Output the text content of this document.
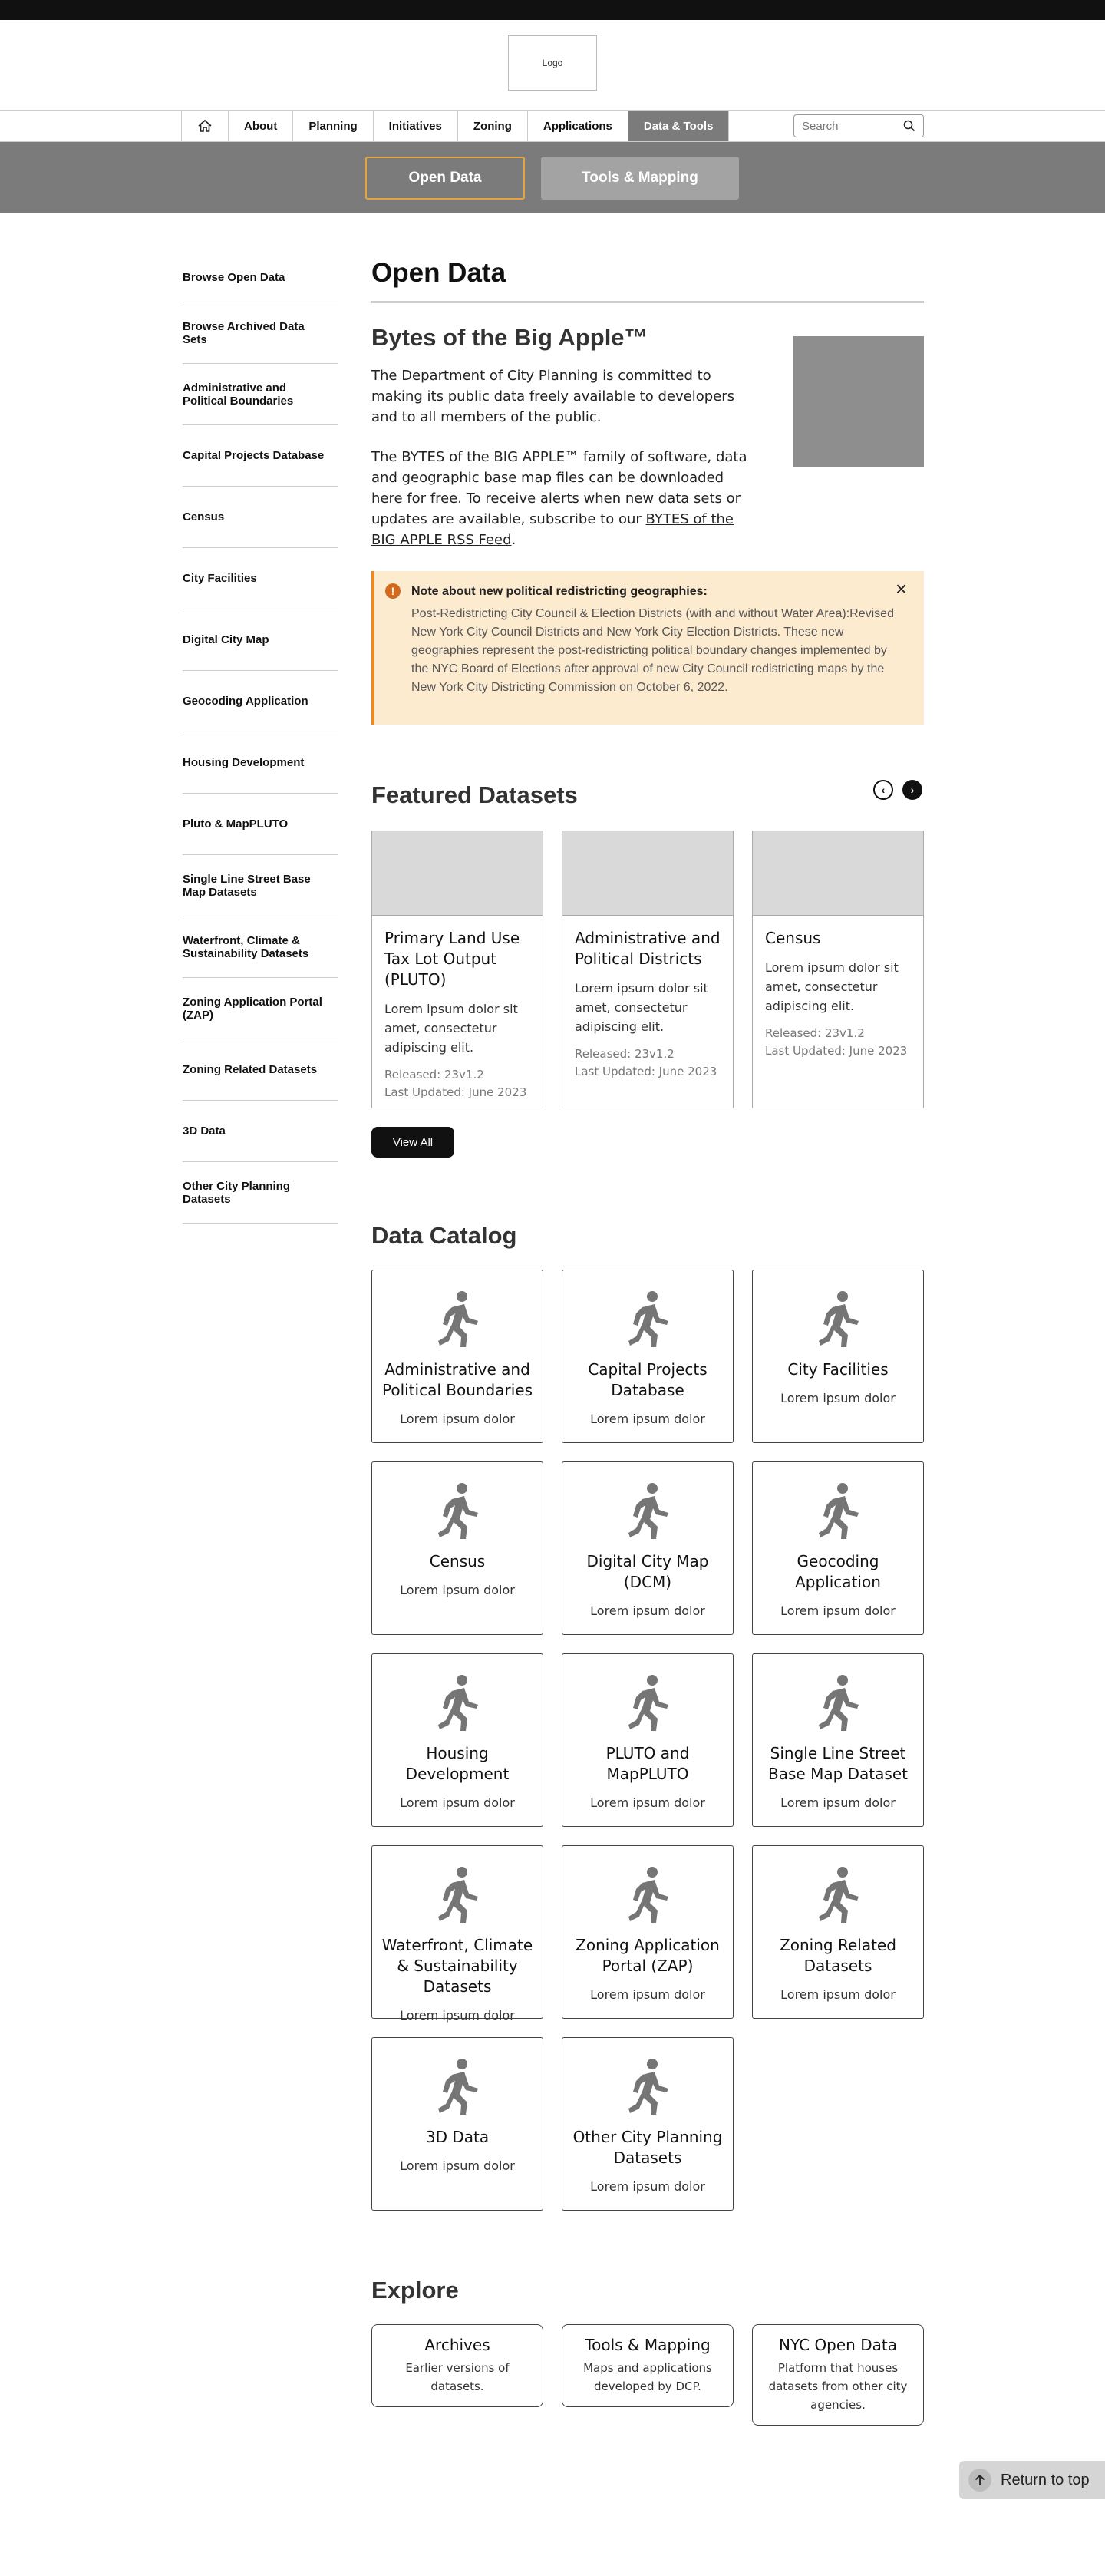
Logo
About	Planning	Initiatives	Zoning	Applications	Data & Tools
Search
Open Data	Tools & Mapping
Browse Open Data
Browse Archived Data Sets
Administrative and Political Boundaries
Capital Projects Database
Census
City Facilities
Digital City Map
Geocoding Application
Housing Development
Pluto & MapPLUTO
Single Line Street Base Map Datasets
Waterfront, Climate & Sustainability Datasets
Zoning Application Portal (ZAP)
Zoning Related Datasets
3D Data
Other City Planning Datasets
Open Data
Bytes of the Big Apple™

The Department of City Planning is committed to making its public data freely available to developers and to all members of the public.

The BYTES of the BIG APPLE™ family of software, data and geographic base map files can be downloaded here for free. To receive alerts when new data sets or updates are available, subscribe to our BYTES of the BIG APPLE RSS Feed.

!	Note about new political redistricting geographies:
Post-Redistricting City Council & Election Districts (with and without Water Area):Revised New York City Council Districts and New York City Election Districts. These new geographies represent the post-redistricting political boundary changes implemented by the NYC Board of Elections after approval of new City Council redistricting maps by the New York City Districting Commission on October 6, 2022.
×
Featured Datasets	‹	›
Primary Land Use Tax Lot Output (PLUTO)
Lorem ipsum dolor sit amet, consectetur adipiscing elit.
Released: 23v1.2
Last Updated: June 2023
Administrative and Political Districts
Lorem ipsum dolor sit amet, consectetur adipiscing elit.
Released: 23v1.2
Last Updated: June 2023
Census
Lorem ipsum dolor sit amet, consectetur adipiscing elit.
Released: 23v1.2
Last Updated: June 2023
View All
Data Catalog
Administrative and Political Boundaries
Lorem ipsum dolor
Capital Projects Database
Lorem ipsum dolor
City Facilities
Lorem ipsum dolor
Census
Lorem ipsum dolor
Digital City Map (DCM)
Lorem ipsum dolor
Geocoding Application
Lorem ipsum dolor
Housing Development
Lorem ipsum dolor
PLUTO and MapPLUTO
Lorem ipsum dolor
Single Line Street Base Map Dataset
Lorem ipsum dolor
Waterfront, Climate & Sustainability Datasets
Lorem ipsum dolor
Zoning Application Portal (ZAP)
Lorem ipsum dolor
Zoning Related Datasets
Lorem ipsum dolor
3D Data
Lorem ipsum dolor
Other City Planning Datasets
Lorem ipsum dolor
Explore
Archives
Earlier versions of datasets.
Tools & Mapping
Maps and applications developed by DCP.
NYC Open Data
Platform that houses datasets from other city agencies.
Return to top
